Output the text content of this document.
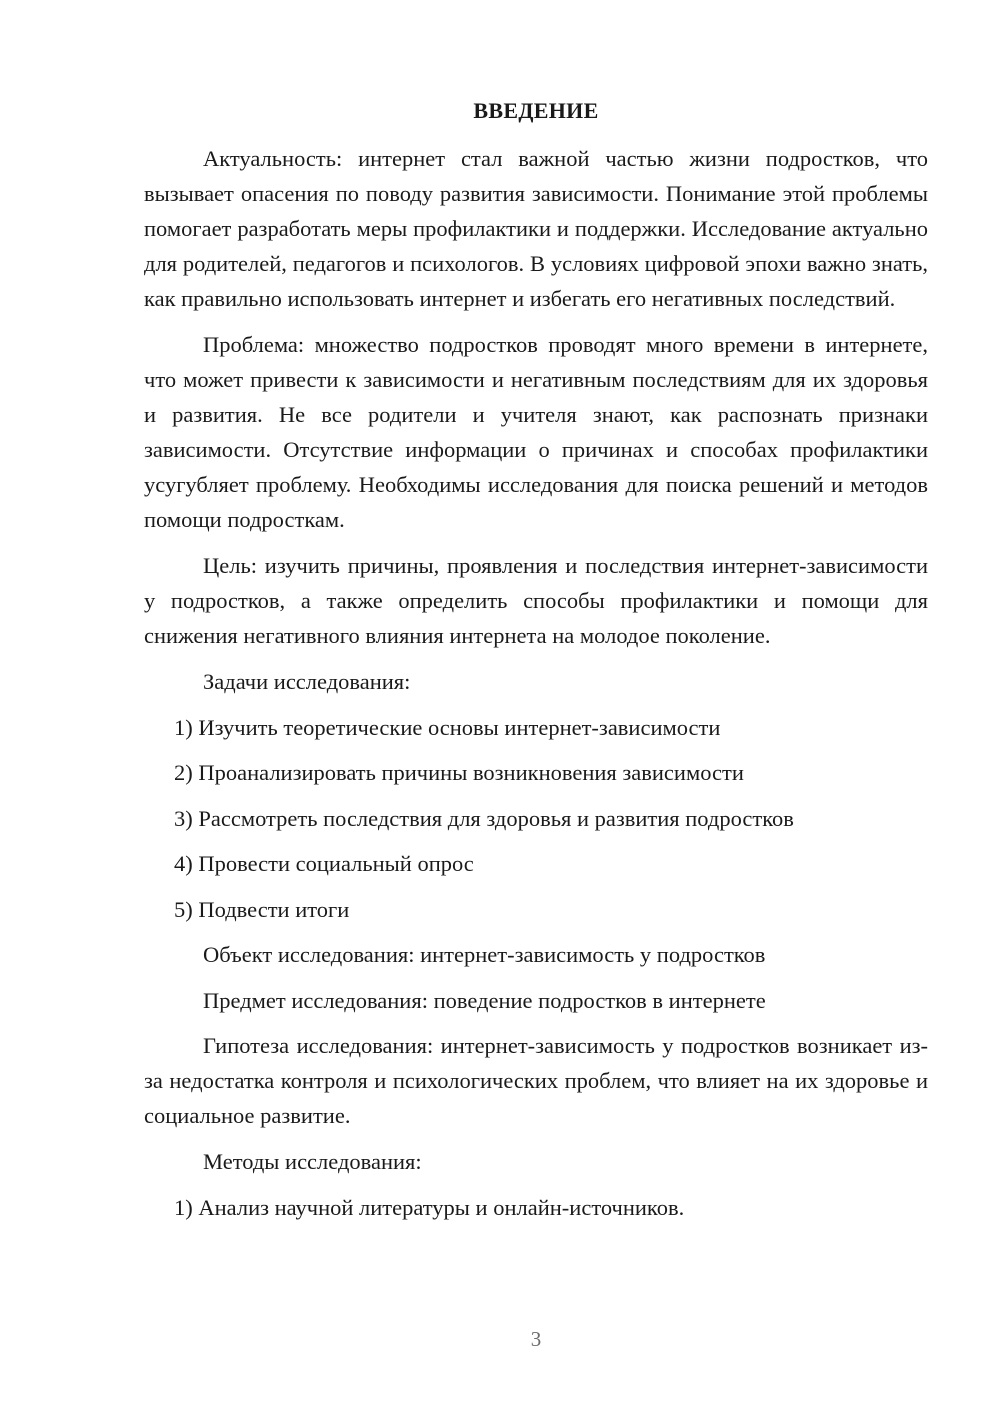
ВВЕДЕНИЕ

Актуальность: интернет стал важной частью жизни подростков, что вызывает опасения по поводу развития зависимости. Понимание этой проблемы помогает разработать меры профилактики и поддержки. Исследование актуально для родителей, педагогов и психологов. В условиях цифровой эпохи важно знать, как правильно использовать интернет и избегать его негативных последствий.

Проблема: множество подростков проводят много времени в интернете, что может привести к зависимости и негативным последствиям для их здоровья и развития. Не все родители и учителя знают, как распознать признаки зависимости. Отсутствие информации о причинах и способах профилактики усугубляет проблему. Необходимы исследования для поиска решений и методов помощи подросткам.

Цель: изучить причины, проявления и последствия интернет-зависимости у подростков, а также определить способы профилактики и помощи для снижения негативного влияния интернета на молодое поколение.

Задачи исследования:
1) Изучить теоретические основы интернет-зависимости
2) Проанализировать причины возникновения зависимости
3) Рассмотреть последствия для здоровья и развития подростков
4) Провести социальный опрос
5) Подвести итоги
Объект исследования: интернет-зависимость у подростков
Предмет исследования: поведение подростков в интернете

Гипотеза исследования: интернет-зависимость у подростков возникает из-за недостатка контроля и психологических проблем, что влияет на их здоровье и социальное развитие.

Методы исследования:
1) Анализ научной литературы и онлайн-источников.
3
